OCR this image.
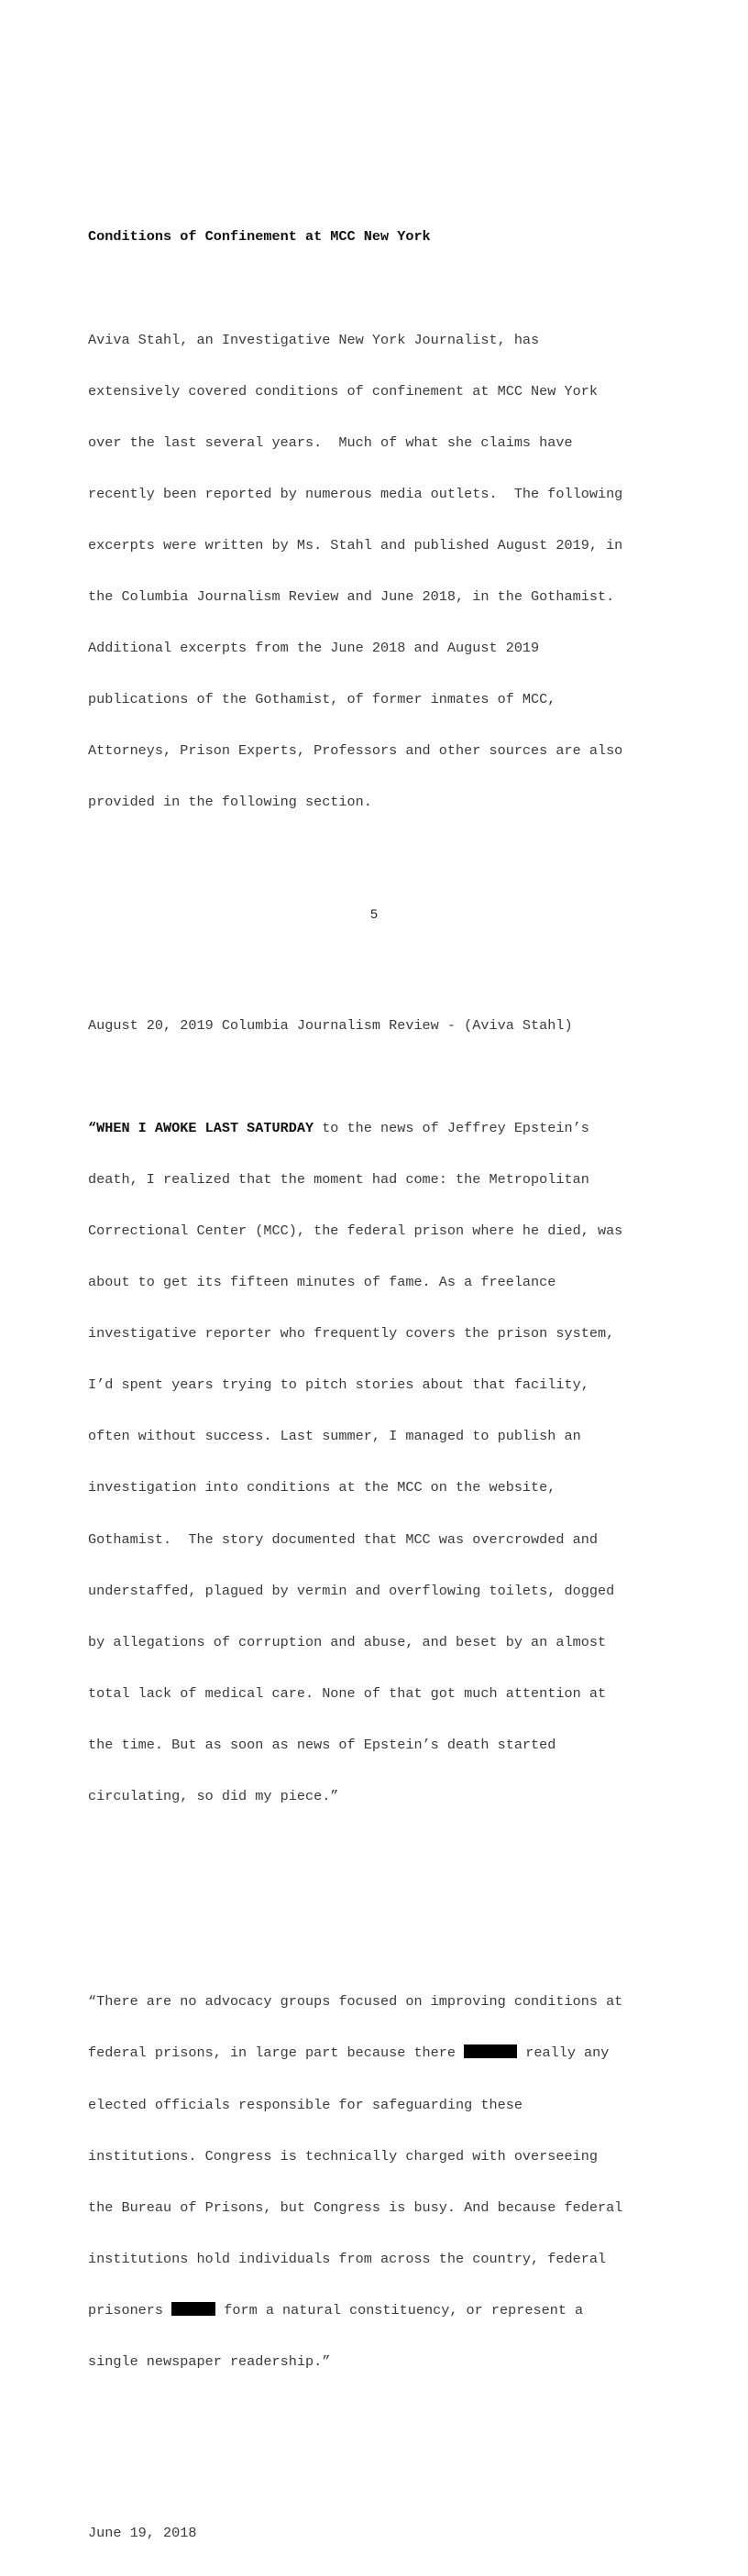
Conditions of Confinement at MCC New York

Aviva Stahl, an Investigative New York Journalist, has

extensively covered conditions of confinement at MCC New York

over the last several years.  Much of what she claims have

recently been reported by numerous media outlets.  The following

excerpts were written by Ms. Stahl and published August 2019, in

the Columbia Journalism Review and June 2018, in the Gothamist.

Additional excerpts from the June 2018 and August 2019

publications of the Gothamist, of former inmates of MCC,

Attorneys, Prison Experts, Professors and other sources are also

provided in the following section.

August 20, 2019 Columbia Journalism Review - (Aviva Stahl)

“WHEN I AWOKE LAST SATURDAY to the news of Jeffrey Epstein’s

death, I realized that the moment had come: the Metropolitan

Correctional Center (MCC), the federal prison where he died, was

about to get its fifteen minutes of fame. As a freelance

investigative reporter who frequently covers the prison system,

I’d spent years trying to pitch stories about that facility,

often without success. Last summer, I managed to publish an

investigation into conditions at the MCC on the website,

Gothamist.  The story documented that MCC was overcrowded and

understaffed, plagued by vermin and overflowing toilets, dogged

by allegations of corruption and abuse, and beset by an almost

total lack of medical care. None of that got much attention at

the time. But as soon as news of Epstein’s death started

circulating, so did my piece.”

“There are no advocacy groups focused on improving conditions at

federal prisons, in large part because there	really any

elected officials responsible for safeguarding these

institutions. Congress is technically charged with overseeing

the Bureau of Prisons, but Congress is busy. And because federal

institutions hold individuals from across the country, federal

prisoners	form a natural constituency, or represent a

single newspaper readership.”

June 19, 2018

5
